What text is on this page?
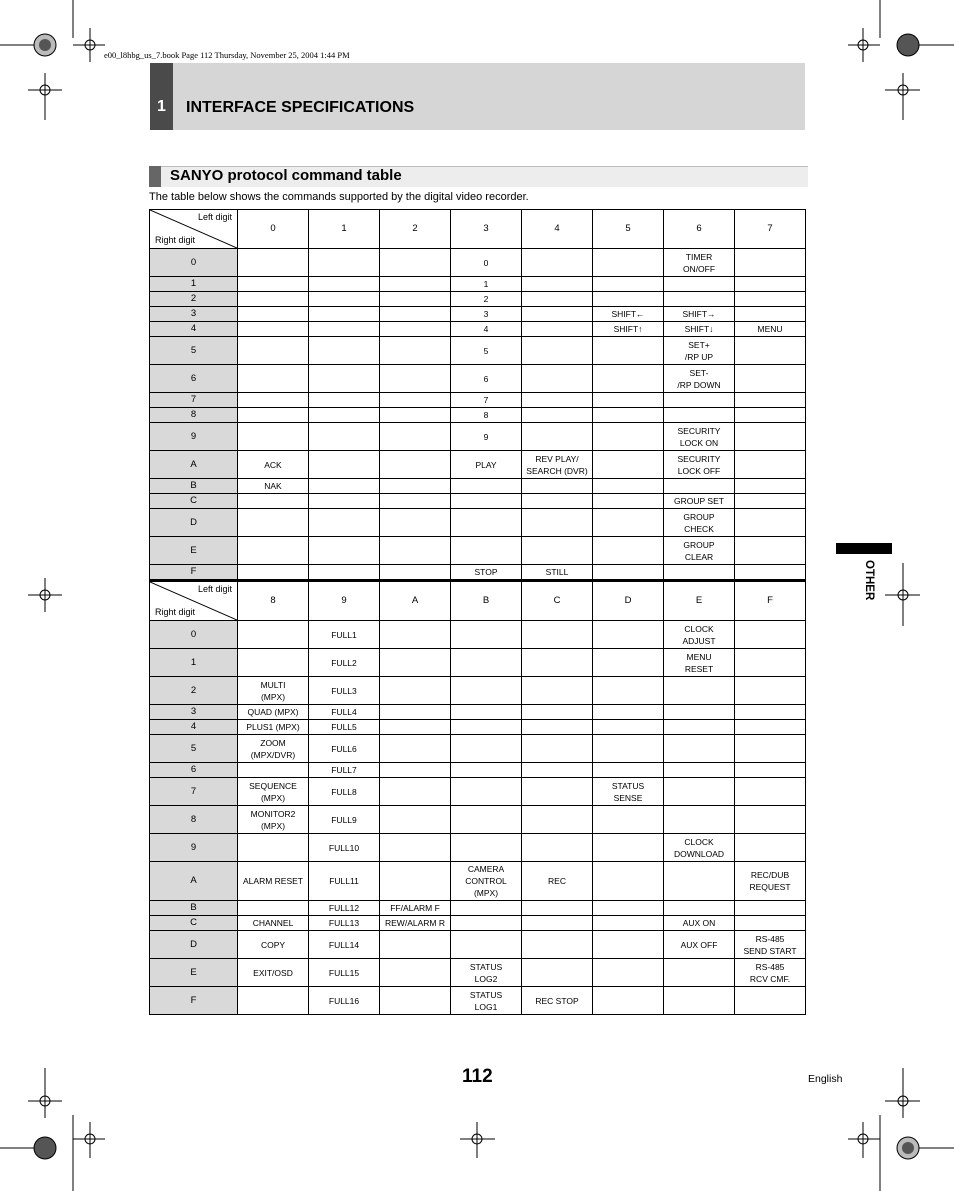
e00_l8hbg_us_7.book Page 112 Thursday, November 25, 2004 1:44 PM
1	INTERFACE SPECIFICATIONS
SANYO protocol command table
The table below shows the commands supported by the digital video recorder.
Left digit
Right digit	0	1	2	3	4	5	6	7
0				0			TIMER
ON/OFF	

1				1				

2				2				

3				3		SHIFT←	SHIFT→	

4				4		SHIFT↑	SHIFT↓	MENU

5				5			SET+
/RP UP	

6				6			SET-
/RP DOWN	

7				7				

8				8				

9				9			SECURITY
LOCK ON	

A	ACK			PLAY	REV PLAY/
SEARCH (DVR)		SECURITY
LOCK OFF	

B	NAK							

C							GROUP SET	

D							GROUP
CHECK	

E							GROUP
CLEAR	

F				STOP	STILL			

Left digit
Right digit	8	9	A	B	C	D	E	F
0		FULL1					CLOCK
ADJUST	

1		FULL2					MENU
RESET	

2	MULTI
(MPX)	FULL3						

3	QUAD (MPX)	FULL4						

4	PLUS1 (MPX)	FULL5						

5	ZOOM
(MPX/DVR)	FULL6						

6		FULL7						

7	SEQUENCE
(MPX)	FULL8				STATUS
SENSE		

8	MONITOR2
(MPX)	FULL9						

9		FULL10					CLOCK
DOWNLOAD	

A	ALARM RESET	FULL11		CAMERA
CONTROL
(MPX)	REC			REC/DUB
REQUEST

B		FULL12	FF/ALARM F					

C	CHANNEL	FULL13	REW/ALARM R				AUX ON	

D	COPY	FULL14					AUX OFF	RS-485
SEND START

E	EXIT/OSD	FULL15		STATUS
LOG2				RS-485
RCV CMF.

F		FULL16		STATUS
LOG1	REC STOP			

OTHER
112	English
